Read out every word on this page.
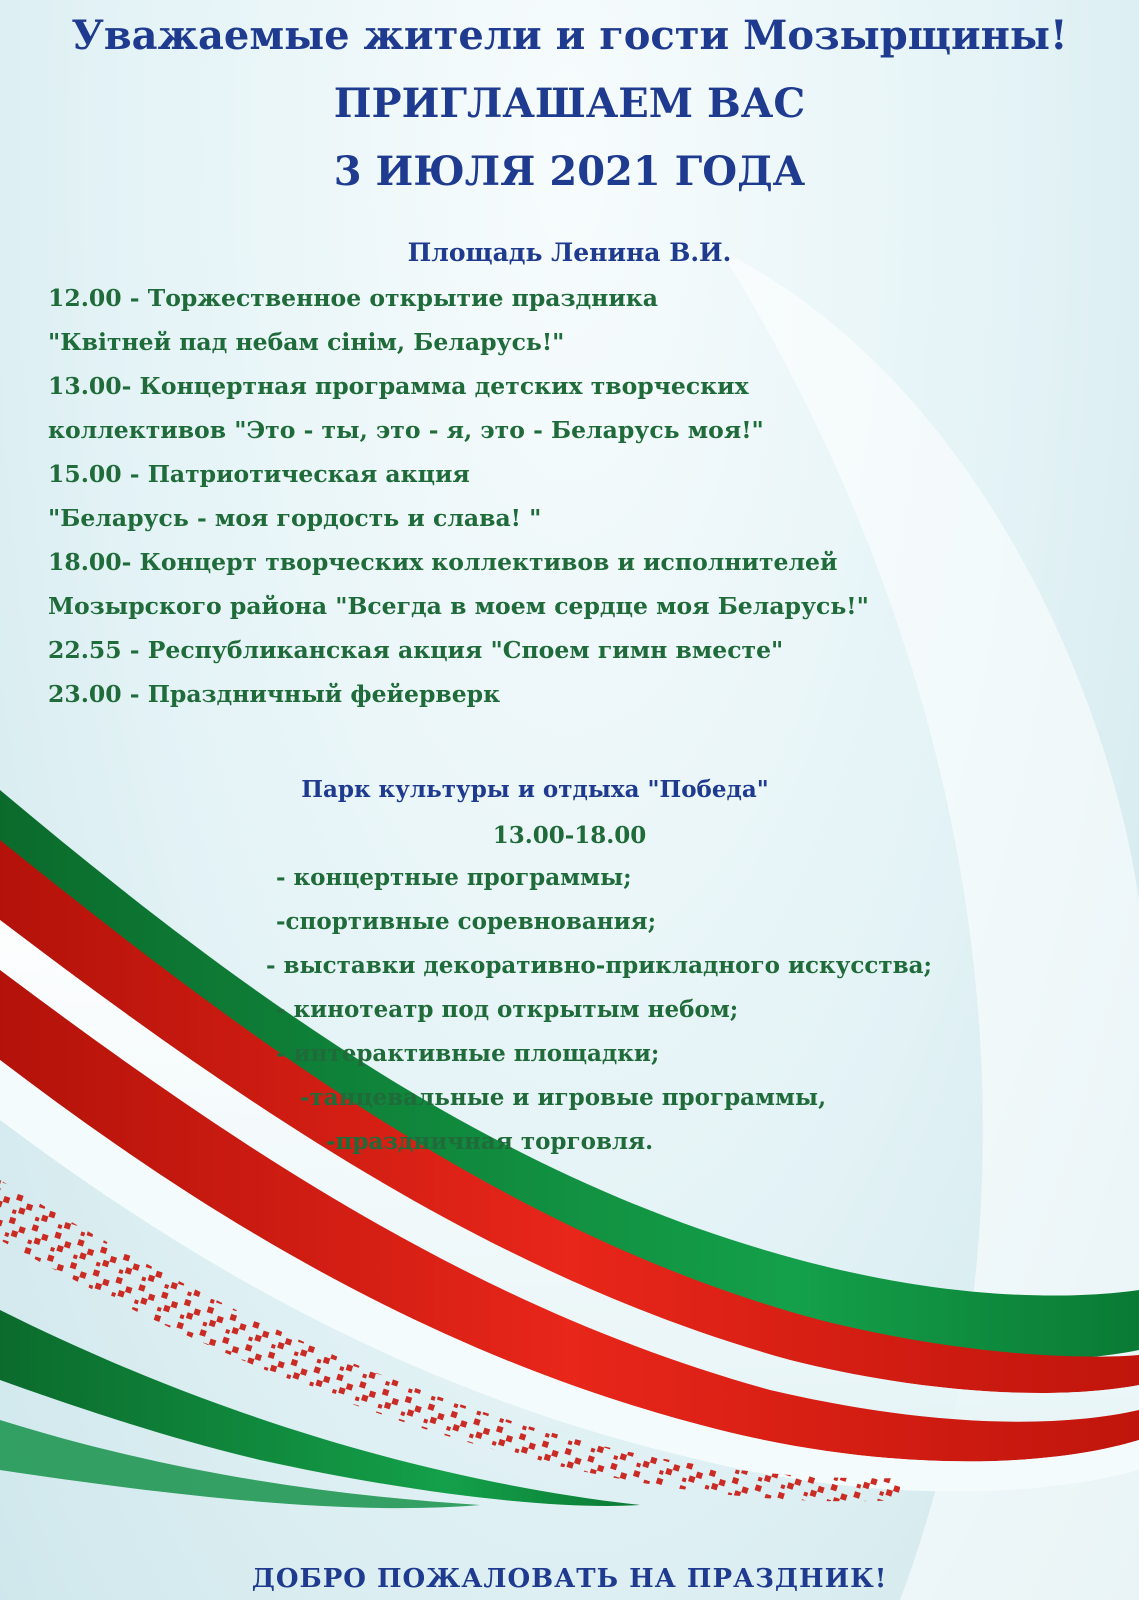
Уважаемые жители и гости Мозырщины!
ПРИГЛАШАЕМ ВАС
3 ИЮЛЯ 2021 ГОДА

Площадь Ленина В.И.

12.00 - Торжественное открытие праздника

"Квітней пад небам сінім, Беларусь!"

13.00- Концертная программа детских творческих

коллективов "Это - ты, это - я, это - Беларусь моя!"

15.00 - Патриотическая акция

"Беларусь - моя гордость и слава! "

18.00- Концерт творческих коллективов и исполнителей

Мозырского района "Всегда в моем сердце моя Беларусь!"

22.55 - Республиканская акция "Споем гимн вместе"

23.00 - Праздничный фейерверк

Парк культуры и отдыха "Победа"

13.00-18.00

- концертные программы;

-спортивные соревнования;

- выставки декоративно-прикладного искусства;

- кинотеатр под открытым небом;

- интерактивные площадки;

-танцевальные и игровые программы,

-праздничная торговля.

ДОБРО ПОЖАЛОВАТЬ НА ПРАЗДНИК!
